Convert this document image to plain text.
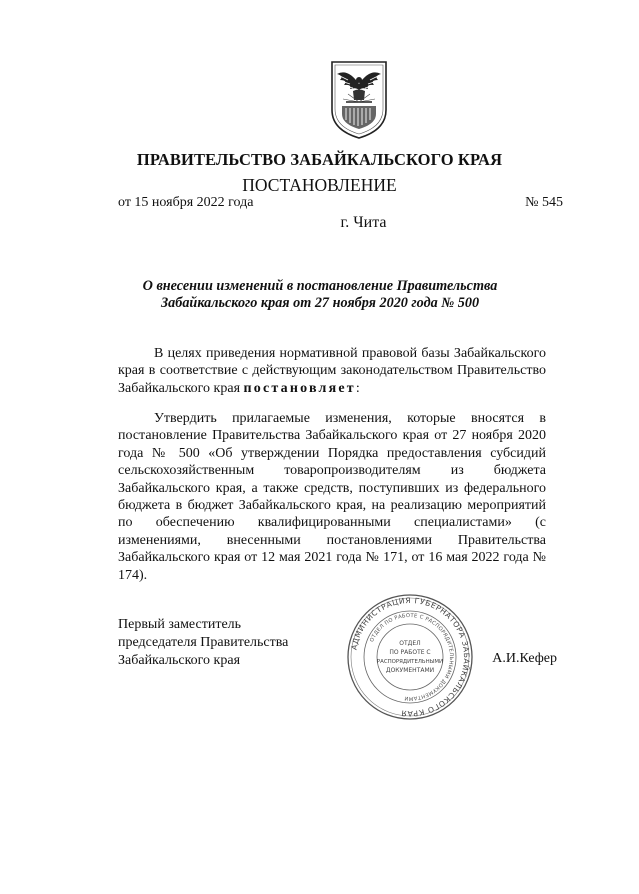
ПРАВИТЕЛЬСТВО ЗАБАЙКАЛЬСКОГО КРАЯ
ПОСТАНОВЛЕНИЕ
от 15 ноября 2022 года	№ 545
г. Чита
О внесении изменений в постановление Правительства Забайкальского края от 27 ноября 2020 года № 500
В целях приведения нормативной правовой базы Забайкальского края в соответствие с действующим законодательством Правительство Забайкальского края постановляет:
Утвердить прилагаемые изменения, которые вносятся в постановление Правительства Забайкальского края от 27 ноября 2020 года № 500 «Об утверждении Порядка предоставления субсидий сельскохозяйственным товаропроизводителям из бюджета Забайкальского края, а также средств, поступивших из федерального бюджета в бюджет Забайкальского края, на реализацию мероприятий по обеспечению квалифицированными специалистами» (с изменениями, внесенными постановлениями Правительства Забайкальского края от 12 мая 2021 года № 171, от 16 мая 2022 года № 174).
Первый заместитель
председателя Правительства
Забайкальского края
АДМИНИСТРАЦИЯ ГУБЕРНАТОРА ЗАБАЙКАЛЬСКОГО КРАЯ
ОТДЕЛ ПО РАБОТЕ С РАСПОРЯДИТЕЛЬНЫМИ ДОКУМЕНТАМИ
ОТДЕЛ
ПО РАБОТЕ С
РАСПОРЯДИТЕЛЬНЫМИ
ДОКУМЕНТАМИ
А.И.Кефер
